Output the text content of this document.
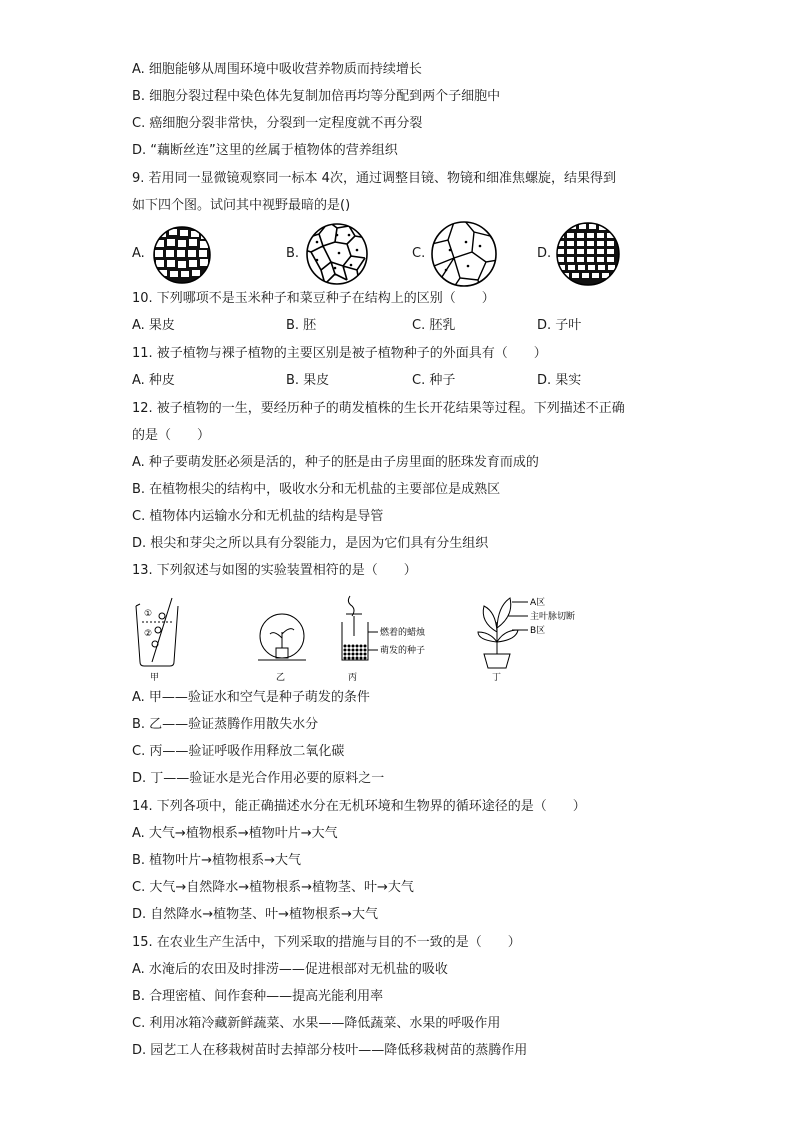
A. 细胞能够从周围环境中吸收营养物质而持续增长
B. 细胞分裂过程中染色体先复制加倍再均等分配到两个子细胞中
C. 癌细胞分裂非常快，分裂到一定程度就不再分裂
D. “藕断丝连”这里的丝属于植物体的营养组织
9. 若用同一显微镜观察同一标本 4次，通过调整目镜、物镜和细准焦螺旋，结果得到
如下四个图。试问其中视野最暗的是()
A.	B.	C.	D.
10. 下列哪项不是玉米种子和菜豆种子在结构上的区别（　　）
A. 果皮	B. 胚	C. 胚乳	D. 子叶
11. 被子植物与裸子植物的主要区别是被子植物种子的外面具有（　　）
A. 种皮	B. 果皮	C. 种子	D. 果实
12. 被子植物的一生，要经历种子的萌发植株的生长开花结果等过程。下列描述不正确
的是（　　）
A. 种子要萌发胚必须是活的，种子的胚是由子房里面的胚珠发育而成的
B. 在植物根尖的结构中，吸收水分和无机盐的主要部位是成熟区
C. 植物体内运输水分和无机盐的结构是导管
D. 根尖和芽尖之所以具有分裂能力，是因为它们具有分生组织
13. 下列叙述与如图的实验装置相符的是（　　）
①
②
甲	乙
燃着的蜡烛
萌发的种子
丙
A区
主叶脉切断
B区
丁
A. 甲——验证水和空气是种子萌发的条件
B. 乙——验证蒸腾作用散失水分
C. 丙——验证呼吸作用释放二氧化碳
D. 丁——验证水是光合作用必要的原料之一
14. 下列各项中，能正确描述水分在无机环境和生物界的循环途径的是（　　）
A. 大气→植物根系→植物叶片→大气
B. 植物叶片→植物根系→大气
C. 大气→自然降水→植物根系→植物茎、叶→大气
D. 自然降水→植物茎、叶→植物根系→大气
15. 在农业生产生活中，下列采取的措施与目的不一致的是（　　）
A. 水淹后的农田及时排涝——促进根部对无机盐的吸收
B. 合理密植、间作套种——提高光能利用率
C. 利用冰箱冷藏新鲜蔬菜、水果——降低蔬菜、水果的呼吸作用
D. 园艺工人在移栽树苗时去掉部分枝叶——降低移栽树苗的蒸腾作用
